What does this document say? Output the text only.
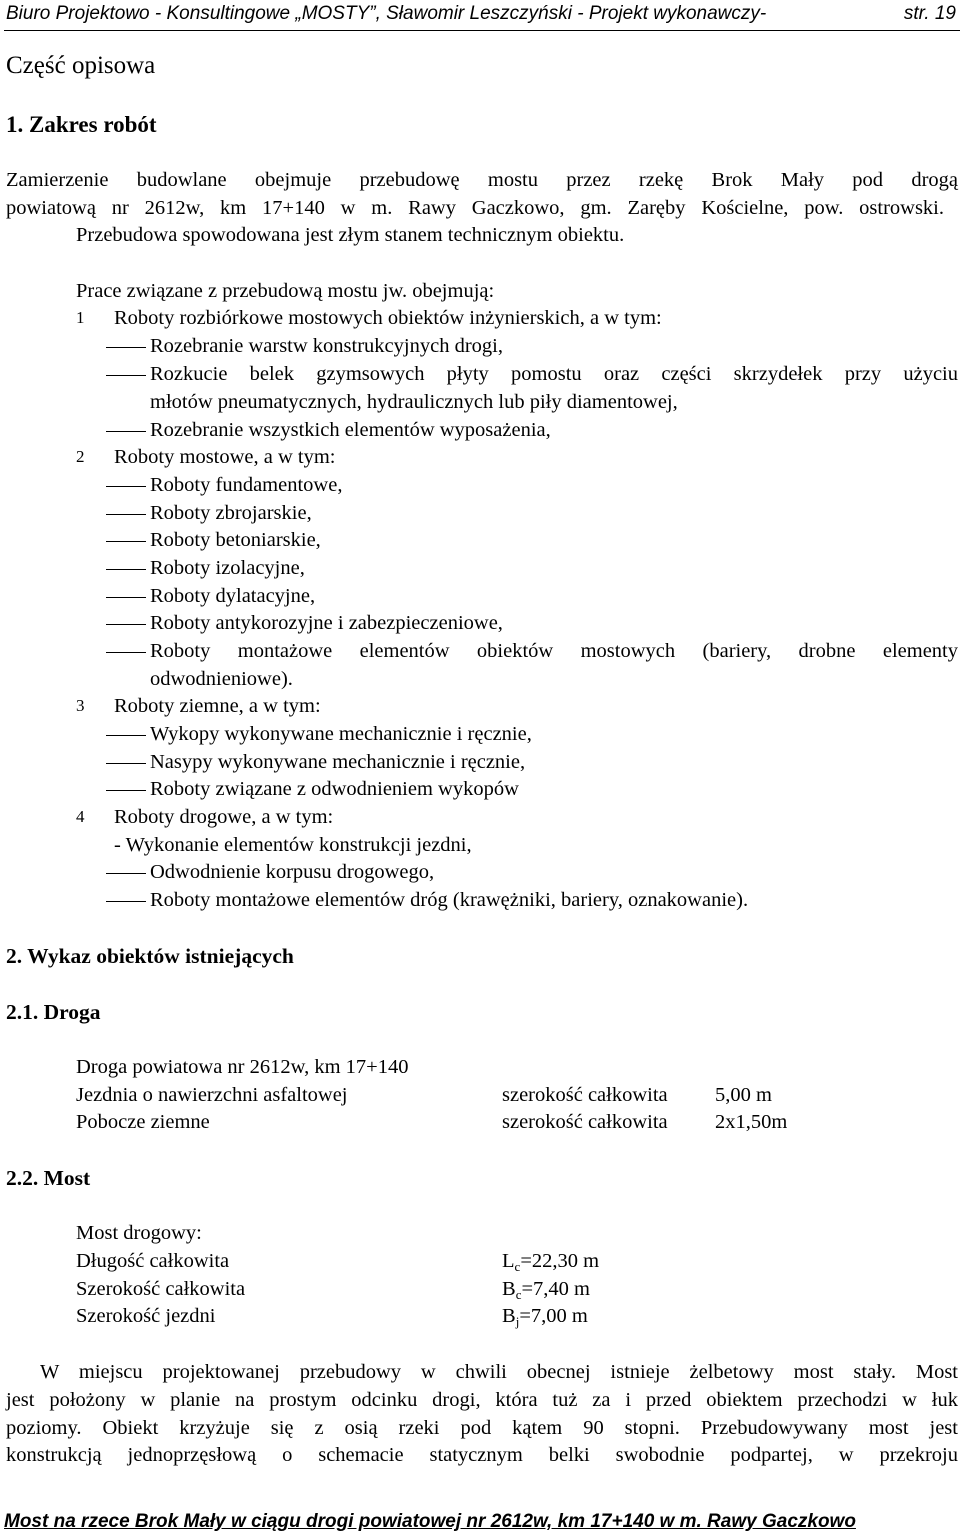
Biuro Projektowo - Konsultingowe „MOSTY”, Sławomir Leszczyński - Projekt wykonawczy-	str. 19
Część opisowa
1. Zakres robót
Zamierzenie budowlane obejmuje przebudowę mostu przez rzekę Brok Mały pod drogą
powiatową nr 2612w, km 17+140 w m. Rawy Gaczkowo, gm. Zaręby Kościelne, pow. ostrowski.
Przebudowa spowodowana jest złym stanem technicznym obiektu.
Prace związane z przebudową mostu jw. obejmują:
1 Roboty rozbiórkowe mostowych obiektów inżynierskich, a w tym:
Rozebranie warstw konstrukcyjnych drogi,
Rozkucie belek gzymsowych płyty pomostu oraz części skrzydełek przy użyciu
młotów pneumatycznych, hydraulicznych lub piły diamentowej,
Rozebranie wszystkich elementów wyposażenia,
2 Roboty mostowe, a w tym:
Roboty fundamentowe,
Roboty zbrojarskie,
Roboty betoniarskie,
Roboty izolacyjne,
Roboty dylatacyjne,
Roboty antykorozyjne i zabezpieczeniowe,
Roboty montażowe elementów obiektów mostowych (bariery, drobne elementy
odwodnieniowe).
3 Roboty ziemne, a w tym:
Wykopy wykonywane mechanicznie i ręcznie,
Nasypy wykonywane mechanicznie i ręcznie,
Roboty związane z odwodnieniem wykopów
4 Roboty drogowe, a w tym:
- Wykonanie elementów konstrukcji jezdni,
Odwodnienie korpusu drogowego,
Roboty montażowe elementów dróg (krawężniki, bariery, oznakowanie).
2. Wykaz obiektów istniejących
2.1. Droga
Droga powiatowa nr 2612w, km 17+140
Jezdnia o nawierzchni asfaltowej	szerokość całkowita 5,00 m
Pobocze ziemne	szerokość całkowita 2x1,50m
2.2. Most
Most drogowy:
Długość całkowita	$L_c=22,30$ m
Szerokość całkowita	$B_c=7,40$ m
Szerokość jezdni	$B_j=7,00$ m
W miejscu projektowanej przebudowy w chwili obecnej istnieje żelbetowy most stały. Most
jest położony w planie na prostym odcinku drogi, która tuż za i przed obiektem przechodzi w łuk
poziomy. Obiekt krzyżuje się z osią rzeki pod kątem 90 stopni. Przebudowywany most jest
konstrukcją jednoprzęsłową o schemacie statycznym belki swobodnie podpartej, w przekroju
Most na rzece Brok Mały w ciągu drogi powiatowej nr 2612w, km 17+140 w m. Rawy Gaczkowo
